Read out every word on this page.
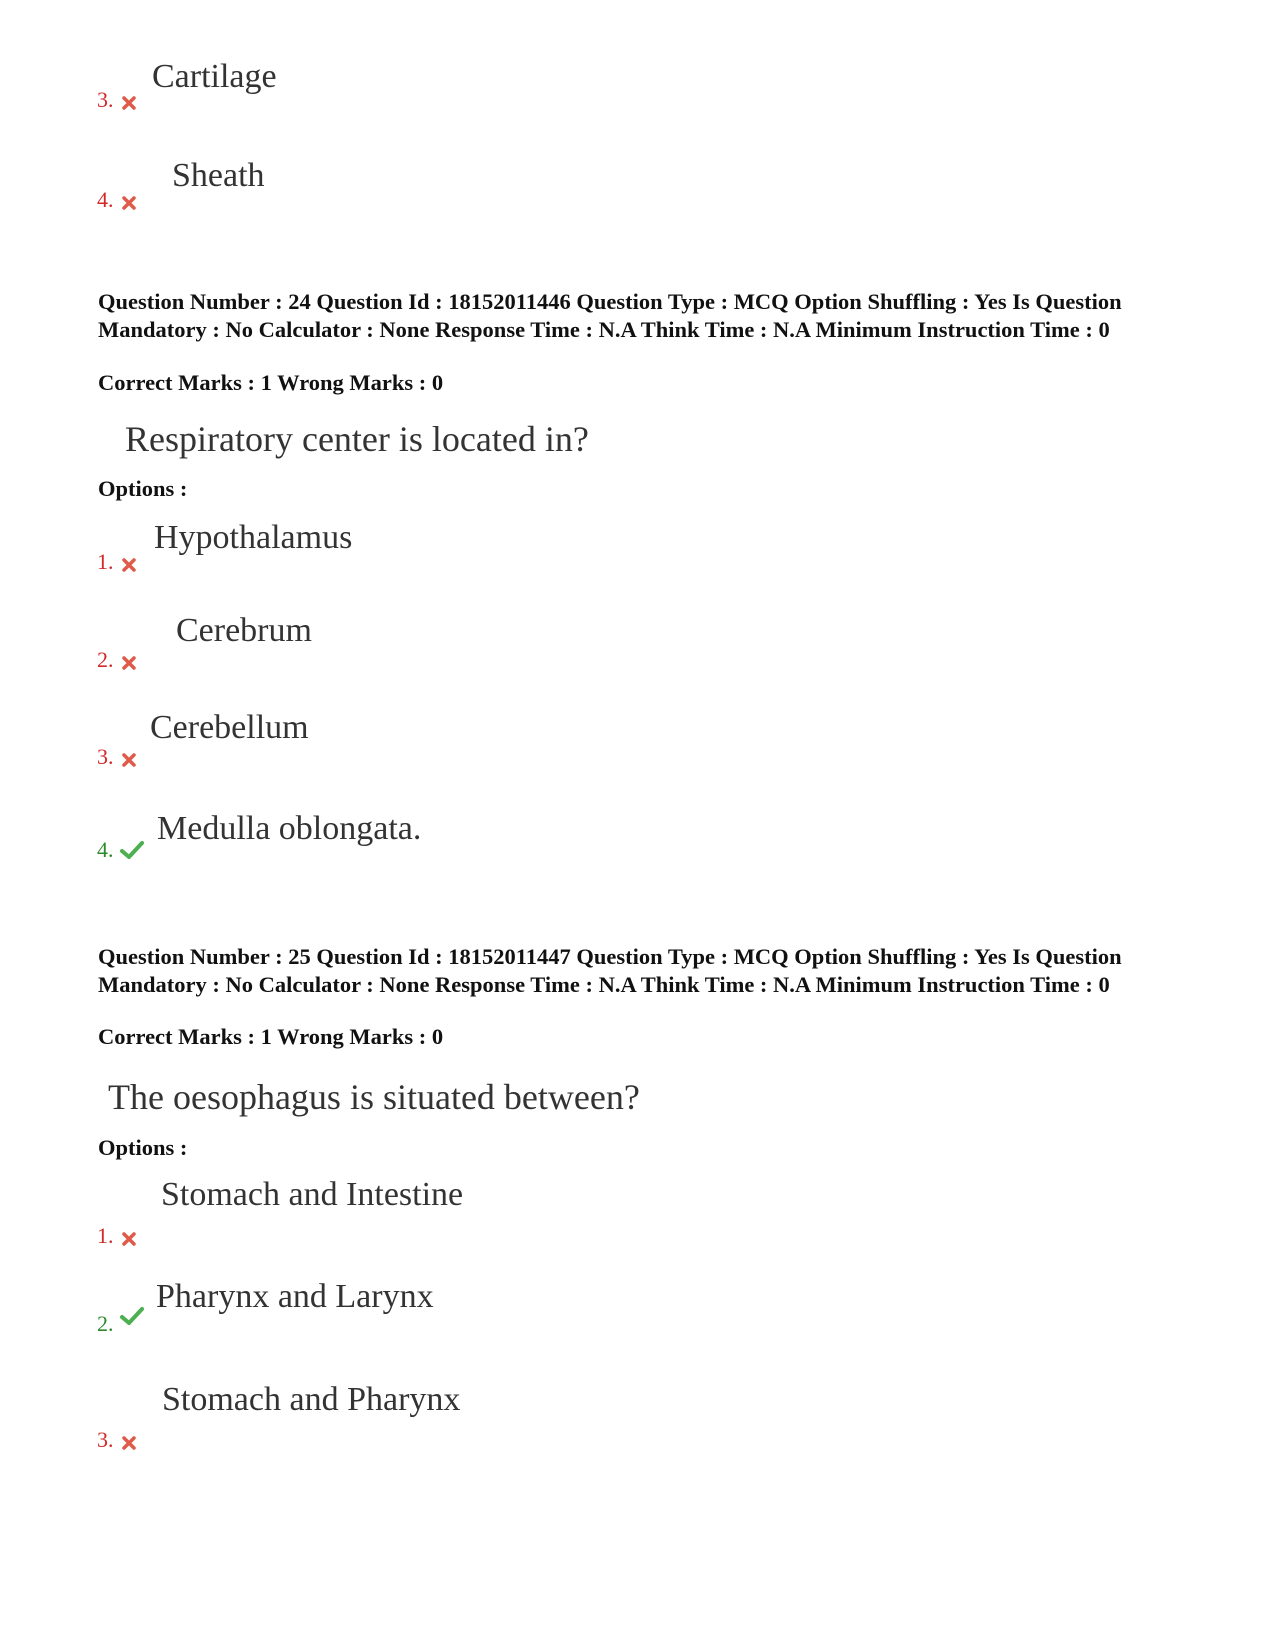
3.
Cartilage
4.
Sheath
Question Number : 24 Question Id : 18152011446 Question Type : MCQ Option Shuffling : Yes Is Question Mandatory : No Calculator : None Response Time : N.A Think Time : N.A Minimum Instruction Time : 0
Correct Marks : 1 Wrong Marks : 0
Respiratory center is located in?
Options :
1.
Hypothalamus
2.
Cerebrum
3.
Cerebellum
4.
Medulla oblongata.
Question Number : 25 Question Id : 18152011447 Question Type : MCQ Option Shuffling : Yes Is Question Mandatory : No Calculator : None Response Time : N.A Think Time : N.A Minimum Instruction Time : 0
Correct Marks : 1 Wrong Marks : 0
The oesophagus is situated between?
Options :
1.
Stomach and Intestine
2.
Pharynx and Larynx
3.
Stomach and Pharynx
